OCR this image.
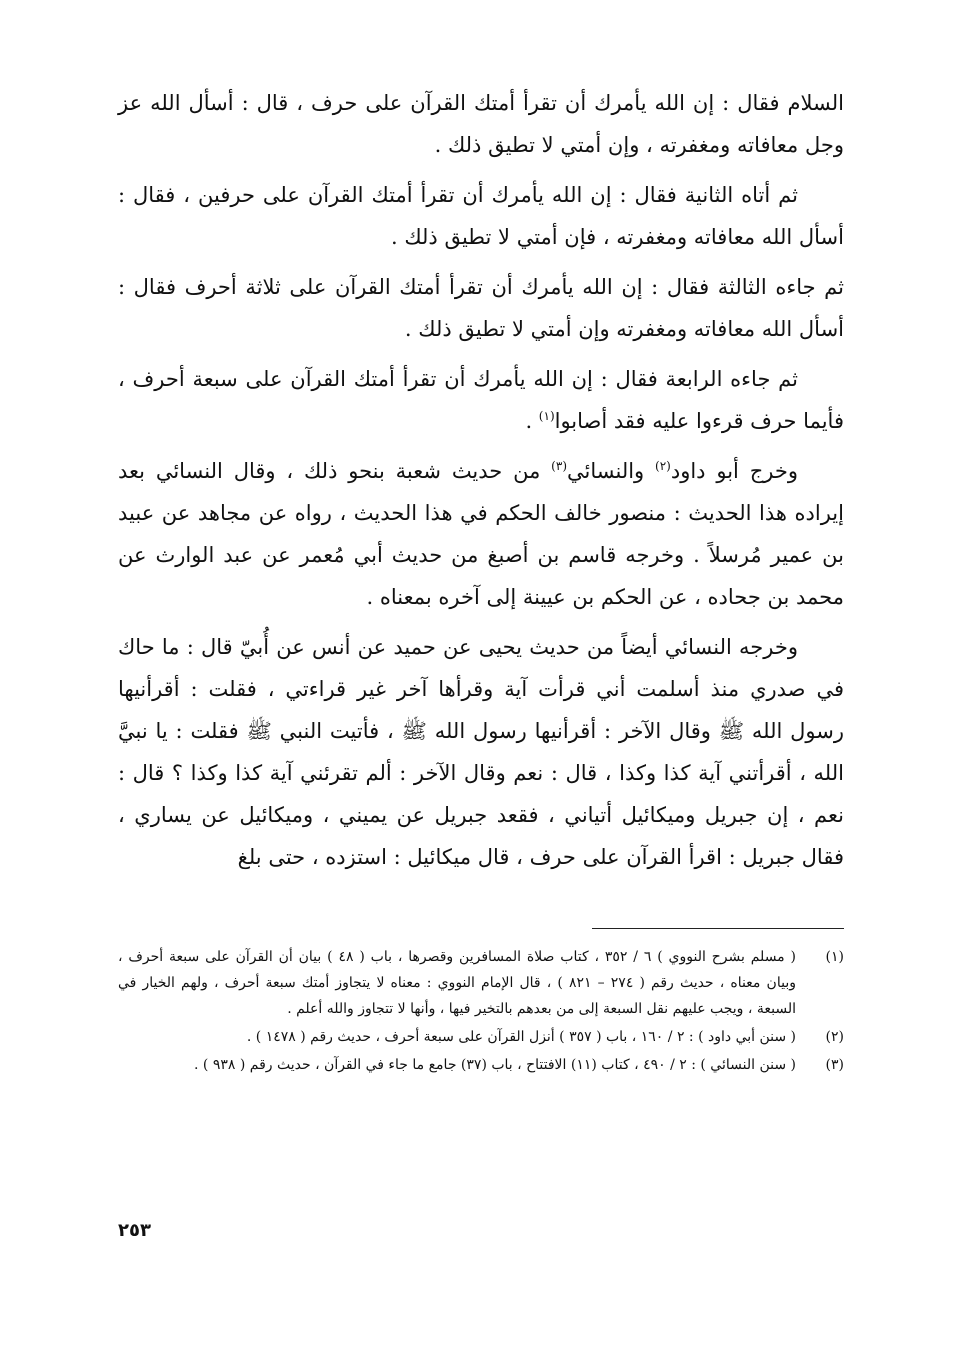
السلام فقال : إن الله يأمرك أن تقرأ أمتك القرآن على حرف ، قال : أسأل الله عز وجل معافاته ومغفرته ، وإن أمتي لا تطيق ذلك .

ثم أتاه الثانية فقال : إن الله يأمرك أن تقرأ أمتك القرآن على حرفين ، فقال : أسأل الله معافاته ومغفرته ، فإن أمتي لا تطيق ذلك .

ثم جاءه الثالثة فقال : إن الله يأمرك أن تقرأ أمتك القرآن على ثلاثة أحرف فقال : أسأل الله معافاته ومغفرته وإن أمتي لا تطيق ذلك .

ثم جاءه الرابعة فقال : إن الله يأمرك أن تقرأ أمتك القرآن على سبعة أحرف ، فأيما حرف قرءوا عليه فقد أصابوا$^{(١)}$ .

وخرج أبو داود$^{(٢)}$ والنسائي$^{(٣)}$ من حديث شعبة بنحو ذلك ، وقال النسائي بعد إيراده هذا الحديث : منصور خالف الحكم في هذا الحديث ، رواه عن مجاهد عن عبيد بن عمير مُرسلاً . وخرجه قاسم بن أصبغ من حديث أبي مُعمر عن عبد الوارث عن محمد بن جحاده ، عن الحكم بن عيينة إلى آخره بمعناه .

وخرجه النسائي أيضاً من حديث يحيى عن حميد عن أنس عن أُبيّ قال : ما حاك في صدري منذ أسلمت أني قرأت آية وقرأها آخر غير قراءتي ، فقلت : أقرأنيها رسول الله ﷺ وقال الآخر : أقرأنيها رسول الله ﷺ ، فأتيت النبي ﷺ فقلت : يا نبيَّ الله ، أقرأتني آية كذا وكذا ، قال : نعم وقال الآخر : ألم تقرئني آية كذا وكذا ؟ قال : نعم ، إن جبريل وميكائيل أتياني ، فقعد جبريل عن يميني ، وميكائيل عن يساري ، فقال جبريل : اقرأ القرآن على حرف ، قال ميكائيل : استزده ، حتى بلغ

(١)
( مسلم بشرح النووي ) ٦ / ٣٥٢ ، كتاب صلاة المسافرين وقصرها ، باب ( ٤٨ ) بيان أن القرآن على سبعة أحرف ، وبيان معناه ، حديث رقم ( ٢٧٤ – ٨٢١ ) ، قال الإمام النووي : معناه لا يتجاوز أمتك سبعة أحرف ، ولهم الخيار في السبعة ، ويجب عليهم نقل السبعة إلى من بعدهم بالتخير فيها ، وأنها لا تتجاوز والله أعلم .
(٢)
( سنن أبي داود ) : ٢ / ١٦٠ ، باب ( ٣٥٧ ) أنزل القرآن على سبعة أحرف ، حديث رقم ( ١٤٧٨ ) .
(٣)
( سنن النسائي ) : ٢ / ٤٩٠ ، كتاب (١١) الافتتاح ، باب (٣٧) جامع ما جاء في القرآن ، حديث رقم ( ٩٣٨ ) .
٢٥٣
